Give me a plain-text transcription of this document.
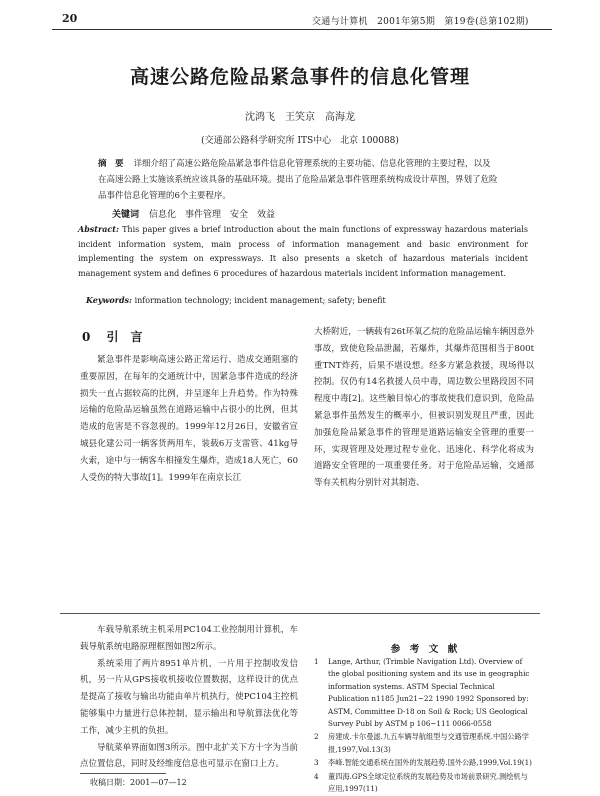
20	交通与计算机　2001年第5期　第19卷(总第102期)
高速公路危险品紧急事件的信息化管理
沈鸿飞　王笑京　高海龙
(交通部公路科学研究所 ITS中心　北京 100088)
摘　要 详细介绍了高速公路危险品紧急事件信息化管理系统的主要功能、信息化管理的主要过程，以及在高速公路上实施该系统应该具备的基础环境。提出了危险品紧急事件管理系统构成设计草图，界划了危险品事件信息化管理的6个主要程序。
关键词 信息化　事件管理　安全　效益
Abstract: This paper gives a brief introduction about the main functions of expressway hazardous materials incident information system, main process of information management and basic environment for implementing the system on expressways. It also presents a sketch of hazardous materials incident management system and defines 6 procedures of hazardous materials incident information management.
Keywords: information technology; incident management; safety; benefit
0 引　言

紧急事件是影响高速公路正常运行、造成交通阻塞的重要原因，在每年的交通统计中，因紧急事件造成的经济损失一直占据较高的比例，并呈逐年上升趋势。作为特殊运输的危险品运输虽然在道路运输中占很小的比例，但其造成的危害是不容忽视的。1999年12月26日，安徽省宣城县化建公司一辆客货两用车，装载6万支雷管、41kg导火索，途中与一辆客车相撞发生爆炸，造成18人死亡，60人受伤的特大事故[1]。1999年在南京长江

大桥附近，一辆载有26t环氧乙烷的危险品运输车辆因意外事故，致使危险品泄漏，若爆炸，其爆炸范围相当于800t重TNT炸药，后果不堪设想。经多方紧急救援，现场得以控制。仅仍有14名救援人员中毒，周边数公里路段因不同程度中毒[2]。这些触目惊心的事故使我们意识到，危险品紧急事件虽然发生的概率小，但被识别发现且严重，因此加强危险品紧急事件的管理是道路运输安全管理的重要一环，实现管理及处理过程专业化、迅速化、科学化将成为道路安全管理的一项重要任务。对于危险品运输，交通部等有关机构分别针对其制造、

车载导航系统主机采用PC104工业控制用计算机，车载导航系统电路原理框图如图2所示。

系统采用了两片8951单片机，一片用于控制收发信机，另一片从GPS接收机接收位置数据，这样设计的优点是提高了接收与输出功能由单片机执行，使PC104主控机能够集中力量进行总体控制，显示输出和导航算法优化等工作，减少主机的负担。

导航菜单界面如图3所示。图中北扩关下方十字为当前点位置信息，同时及经维度信息也可显示在窗口上方。

参　考　文　献
1	Lange, Arthur, (Trimble Navigation Ltd). Overview of the global positioning system and its use in geographic information systems. ASTM Special Technical Publication n1185 Jun21~22 1990 1992 Sponsored by: ASTM, Committee D-18 on Soil & Rock; US Geological Survey Publ by ASTM p 106~111 0066-0558
2	房建成.卡尔曼滤.九五车辆导航组型与交通管理系统.中国公路学报,1997,Vol.13(3)
3	李峰.智能交通系统在国外的发展趋势.国外公路,1999,Vol.19(1)
4	董四海.GPS全球定位系统的发展趋势及市场前景研究.测绘机与应用,1997(11)
收稿日期：2001—07—12
